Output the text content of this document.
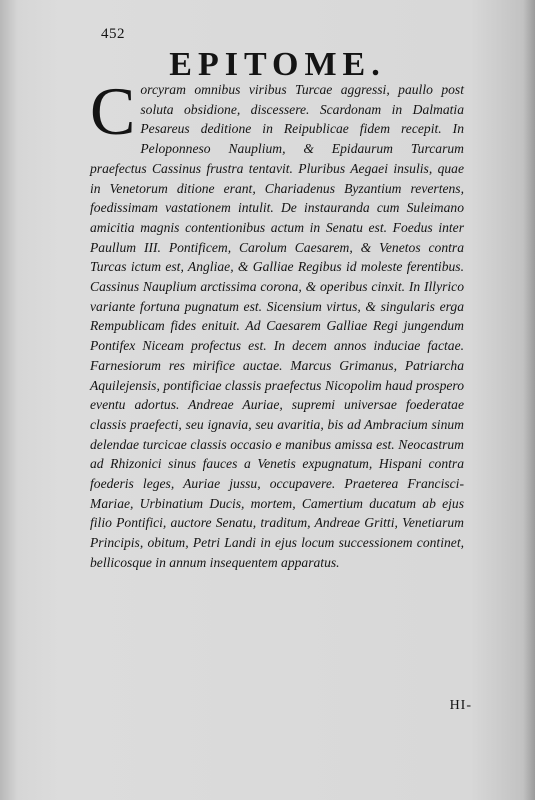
452
EPITOME.
Corcyram omnibus viribus Turcae aggressi, paullo post soluta obsidione, discessere. Scardonam in Dalmatia Pesareus deditione in Reipublicae fidem recepit. In Peloponneso Nauplium, & Epidaurum Turcarum praefectus Cassinus frustra tentavit. Pluribus Aegaei insulis, quae in Venetorum ditione erant, Chariadenus Byzantium revertens, foedissimam vastationem intulit. De instauranda cum Suleimano amicitia magnis contentionibus actum in Senatu est. Foedus inter Paullum III. Pontificem, Carolum Caesarem, & Venetos contra Turcas ictum est, Angliae, & Galliae Regibus id moleste ferentibus. Cassinus Nauplium arctissima corona, & operibus cinxit. In Illyrico variante fortuna pugnatum est. Sicensium virtus, & singularis erga Rempublicam fides enituit. Ad Caesarem Galliae Regi jungendum Pontifex Niceam profectus est. In decem annos induciae factae. Farnesiorum res mirifice auctae. Marcus Grimanus, Patriarcha Aquilejensis, pontificiae classis praefectus Nicopolim haud prospero eventu adortus. Andreae Auriae, supremi universae foederatae classis praefecti, seu ignavia, seu avaritia, bis ad Ambracium sinum delendae turcicae classis occasio e manibus amissa est. Neocastrum ad Rhizonici sinus fauces a Venetis expugnatum, Hispani contra foederis leges, Auriae jussu, occupavere. Praeterea Francisci-Mariae, Urbinatium Ducis, mortem, Camertium ducatum ab ejus filio Pontifici, auctore Senatu, traditum, Andreae Gritti, Venetiarum Principis, obitum, Petri Landi in ejus locum successionem continet, bellicosque in annum insequentem apparatus.
HI-
